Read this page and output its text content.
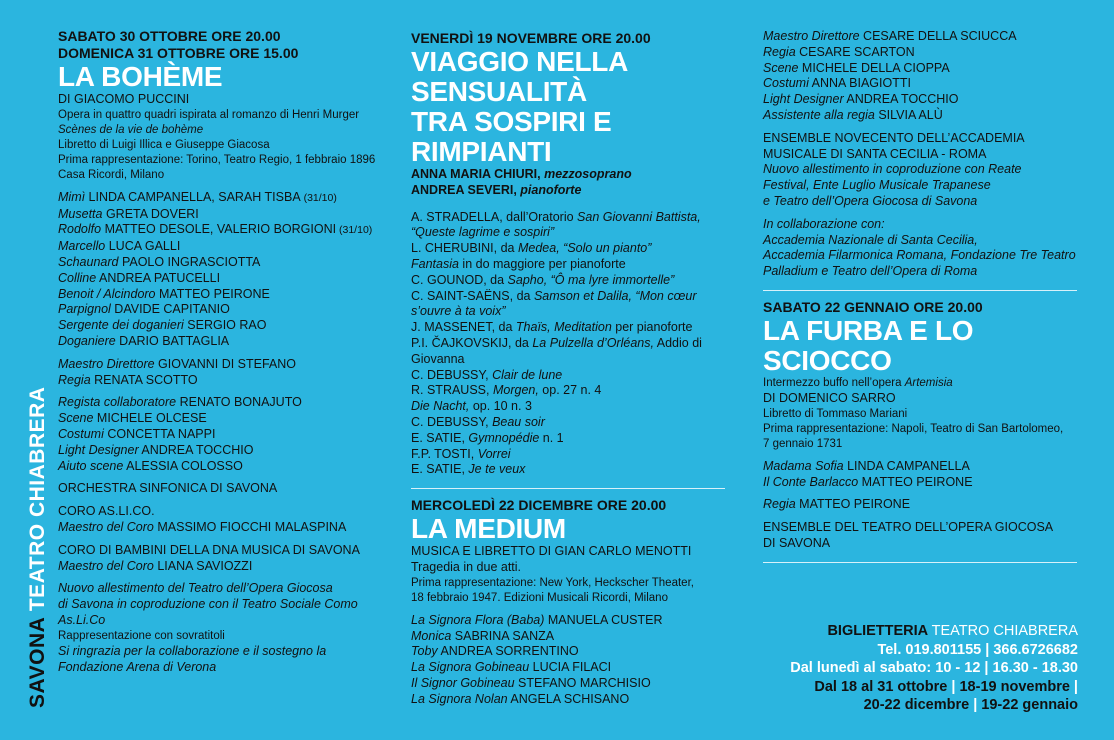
SAVONA TEATRO CHIABRERA
SABATO 30 OTTOBRE ORE 20.00
DOMENICA 31 OTTOBRE ORE 15.00
LA BOHÈME
DI GIACOMO PUCCINI
Opera in quattro quadri ispirata al romanzo di Henri Murger
Scènes de la vie de bohème
Libretto di Luigi Illica e Giuseppe Giacosa
Prima rappresentazione: Torino, Teatro Regio, 1 febbraio 1896
Casa Ricordi, Milano
Mimì LINDA CAMPANELLA, SARAH TISBA (31/10)
Musetta GRETA DOVERI
Rodolfo MATTEO DESOLE, VALERIO BORGIONI (31/10)
Marcello LUCA GALLI
Schaunard PAOLO INGRASCIOTTA
Colline ANDREA PATUCELLI
Benoit / Alcindoro MATTEO PEIRONE
Parpignol DAVIDE CAPITANIO
Sergente dei doganieri SERGIO RAO
Doganiere DARIO BATTAGLIA
Maestro Direttore GIOVANNI DI STEFANO
Regia RENATA SCOTTO
Regista collaboratore RENATO BONAJUTO
Scene MICHELE OLCESE
Costumi CONCETTA NAPPI
Light Designer ANDREA TOCCHIO
Aiuto scene ALESSIA COLOSSO
ORCHESTRA SINFONICA DI SAVONA
CORO AS.LI.CO.
Maestro del Coro MASSIMO FIOCCHI MALASPINA
CORO DI BAMBINI DELLA DNA MUSICA DI SAVONA
Maestro del Coro LIANA SAVIOZZI
Nuovo allestimento del Teatro dell’Opera Giocosa
di Savona in coproduzione con il Teatro Sociale Como
As.Li.Co
Rappresentazione con sovratitoli
Si ringrazia per la collaborazione e il sostegno la
Fondazione Arena di Verona
VENERDÌ 19 NOVEMBRE ORE 20.00
VIAGGIO NELLA SENSUALITÀ
TRA SOSPIRI E RIMPIANTI
ANNA MARIA CHIURI, mezzosoprano
ANDREA SEVERI, pianoforte
A. STRADELLA, dall’Oratorio San Giovanni Battista,
“Queste lagrime e sospiri”
L. CHERUBINI, da Medea, “Solo un pianto”
Fantasia in do maggiore per pianoforte
C. GOUNOD, da Sapho, “Ô ma lyre immortelle”
C. SAINT-SAËNS, da Samson et Dalila, “Mon cœur
s’ouvre à ta voix”
J. MASSENET, da Thaïs, Meditation per pianoforte
P.I. ČAJKOVSKIJ, da La Pulzella d’Orléans, Addio di
Giovanna
C. DEBUSSY, Clair de lune
R. STRAUSS, Morgen, op. 27 n. 4
Die Nacht, op. 10 n. 3
C. DEBUSSY, Beau soir
E. SATIE, Gymnopédie n. 1
F.P. TOSTI, Vorrei
E. SATIE, Je te veux
MERCOLEDÌ 22 DICEMBRE ORE 20.00
LA MEDIUM
MUSICA E LIBRETTO DI GIAN CARLO MENOTTI
Tragedia in due atti.
Prima rappresentazione: New York, Heckscher Theater,
18 febbraio 1947. Edizioni Musicali Ricordi, Milano
La Signora Flora (Baba) MANUELA CUSTER
Monica SABRINA SANZA
Toby ANDREA SORRENTINO
La Signora Gobineau LUCIA FILACI
Il Signor Gobineau STEFANO MARCHISIO
La Signora Nolan ANGELA SCHISANO
Maestro Direttore CESARE DELLA SCIUCCA
Regia CESARE SCARTON
Scene MICHELE DELLA CIOPPA
Costumi ANNA BIAGIOTTI
Light Designer ANDREA TOCCHIO
Assistente alla regia SILVIA ALÙ
ENSEMBLE NOVECENTO DELL’ACCADEMIA
MUSICALE DI SANTA CECILIA - ROMA
Nuovo allestimento in coproduzione con Reate
Festival, Ente Luglio Musicale Trapanese
e Teatro dell’Opera Giocosa di Savona
In collaborazione con:
Accademia Nazionale di Santa Cecilia,
Accademia Filarmonica Romana, Fondazione Tre Teatro
Palladium e Teatro dell’Opera di Roma
SABATO 22 GENNAIO ORE 20.00
LA FURBA E LO SCIOCCO
Intermezzo buffo nell’opera Artemisia
DI DOMENICO SARRO
Libretto di Tommaso Mariani
Prima rappresentazione: Napoli, Teatro di San Bartolomeo,
7 gennaio 1731
Madama Sofia LINDA CAMPANELLA
Il Conte Barlacco MATTEO PEIRONE
Regia MATTEO PEIRONE
ENSEMBLE DEL TEATRO DELL’OPERA GIOCOSA
DI SAVONA
BIGLIETTERIA TEATRO CHIABRERA
Tel. 019.801155 | 366.6726682
Dal lunedì al sabato: 10 - 12 | 16.30 - 18.30
Dal 18 al 31 ottobre | 18-19 novembre |
20-22 dicembre | 19-22 gennaio
